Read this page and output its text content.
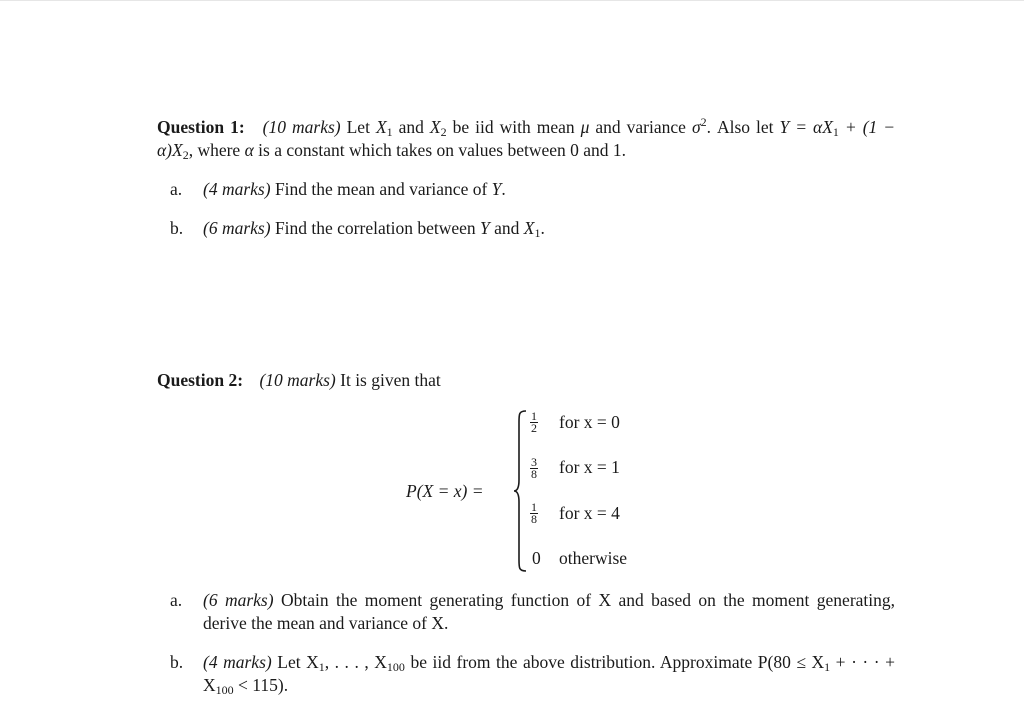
Question 1: (10 marks) Let $X_1$ and $X_2$ be iid with mean μ and variance $\sigma^2$. Also let $Y = \alpha X_1 + (1 - \alpha)X_2$, where α is a constant which takes on values between 0 and 1.
a. (4 marks) Find the mean and variance of Y.
b. (6 marks) Find the correlation between Y and $X_1$.
Question 2: (10 marks) It is given that
P(X = x) =
$\frac{1}{2}$ for x = 0
$\frac{3}{8}$ for x = 1
$\frac{1}{8}$ for x = 4
0 otherwise
a. (6 marks) Obtain the moment generating function of X and based on the moment generating, derive the mean and variance of X.
b. (4 marks) Let $X_1$, . . . , $X_{100}$ be iid from the above distribution. Approximate $P(80 \le X_1$ + · · · + $X_{100} < 115$).
